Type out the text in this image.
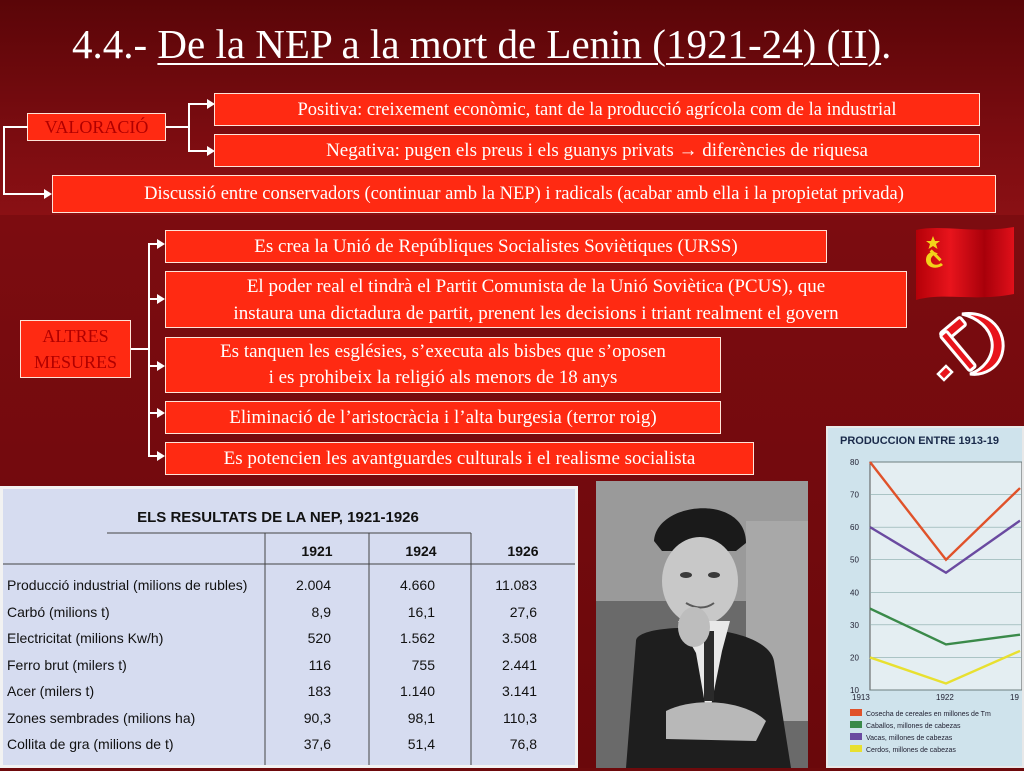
4.4.- De la NEP a la mort de Lenin (1921-24) (II).
VALORACIÓ
Positiva: creixement econòmic, tant de la producció agrícola com de la industrial
Negativa: pugen els preus i els guanys privats → diferències de riquesa
Discussió entre conservadors (continuar amb la NEP) i radicals (acabar amb ella i la propietat privada)
ALTRES
MESURES
Es crea la Unió de Repúbliques Socialistes Soviètiques (URSS)
El poder real el tindrà el Partit Comunista de la Unió Soviètica (PCUS), que
instaura una dictadura de partit, prenent les decisions i triant realment el govern
Es tanquen les esglésies, s’executa als bisbes que s’oposen
i es prohibeix la religió als menors de 18 anys
Eliminació de l’aristocràcia i l’alta burgesia (terror roig)
Es potencien les avantguardes culturals i el realisme socialista
ELS RESULTATS DE LA NEP, 1921-1926
1921	1924	1926
Producció industrial (milions de rubles)	2.004	4.660	11.083
Carbó (milions t)	8,9	16,1	27,6
Electricitat (milions Kw/h)	520	1.562	3.508
Ferro brut (milers t)	116	755	2.441
Acer (milers t)	183	1.140	3.141
Zones sembrades (milions ha)	90,3	98,1	110,3
Collita de gra (milions de t)	37,6	51,4	76,8
PRODUCCION ENTRE 1913-19
80
70
60
50
40
30
20
10
1913	1922	19
Cosecha de cereales en millones de Tm
Caballos, millones de cabezas
Vacas, millones de cabezas
Cerdos, millones de cabezas
